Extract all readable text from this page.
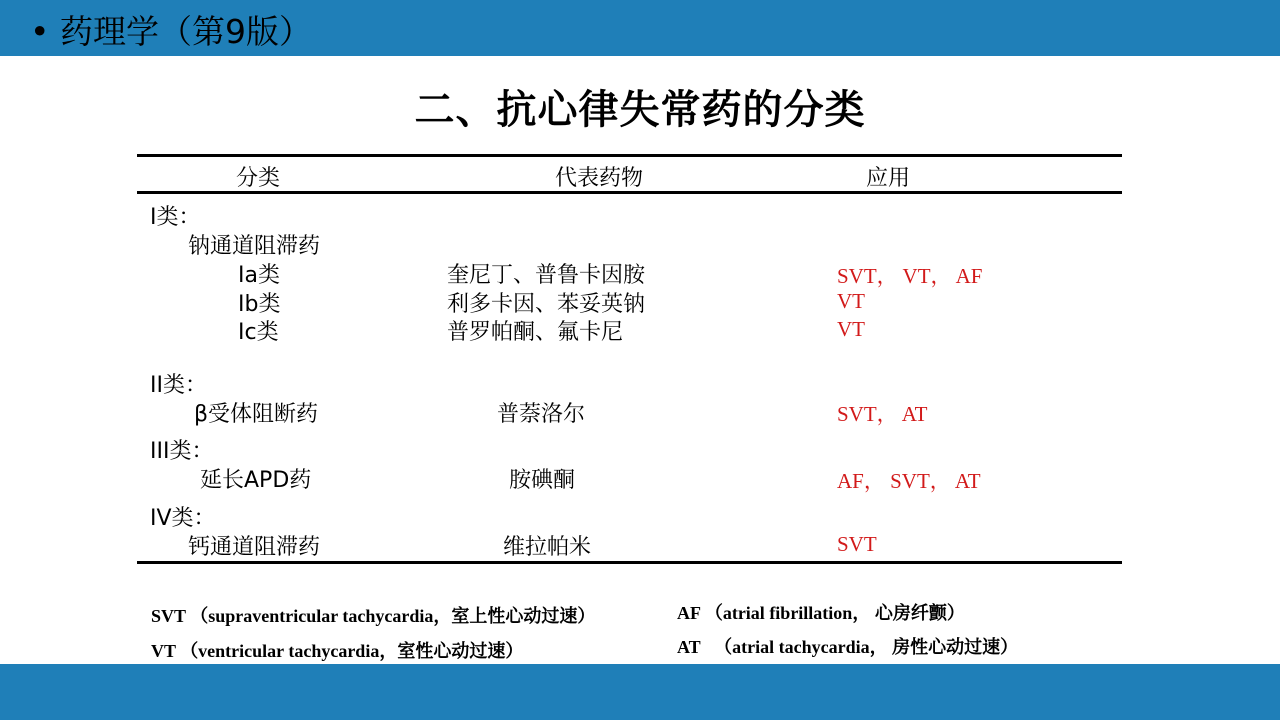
• 药理学（第9版）
二、抗心律失常药的分类
分类	代表药物	应用
I类：
钠通道阻滞药
Ia类	奎尼丁、普鲁卡因胺	SVT， VT， AF
Ib类	利多卡因、苯妥英钠	VT
Ic类	普罗帕酮、氟卡尼	VT
II类：
β受体阻断药	普萘洛尔	SVT， AT
III类：
延长APD药	胺碘酮	AF， SVT， AT
IV类：
钙通道阻滞药	维拉帕米	SVT
SVT （supraventricular tachycardia，室上性心动过速）	AF （atrial fibrillation， 心房纤颤）
VT （ventricular tachycardia，室性心动过速）	AT （atrial tachycardia， 房性心动过速）
